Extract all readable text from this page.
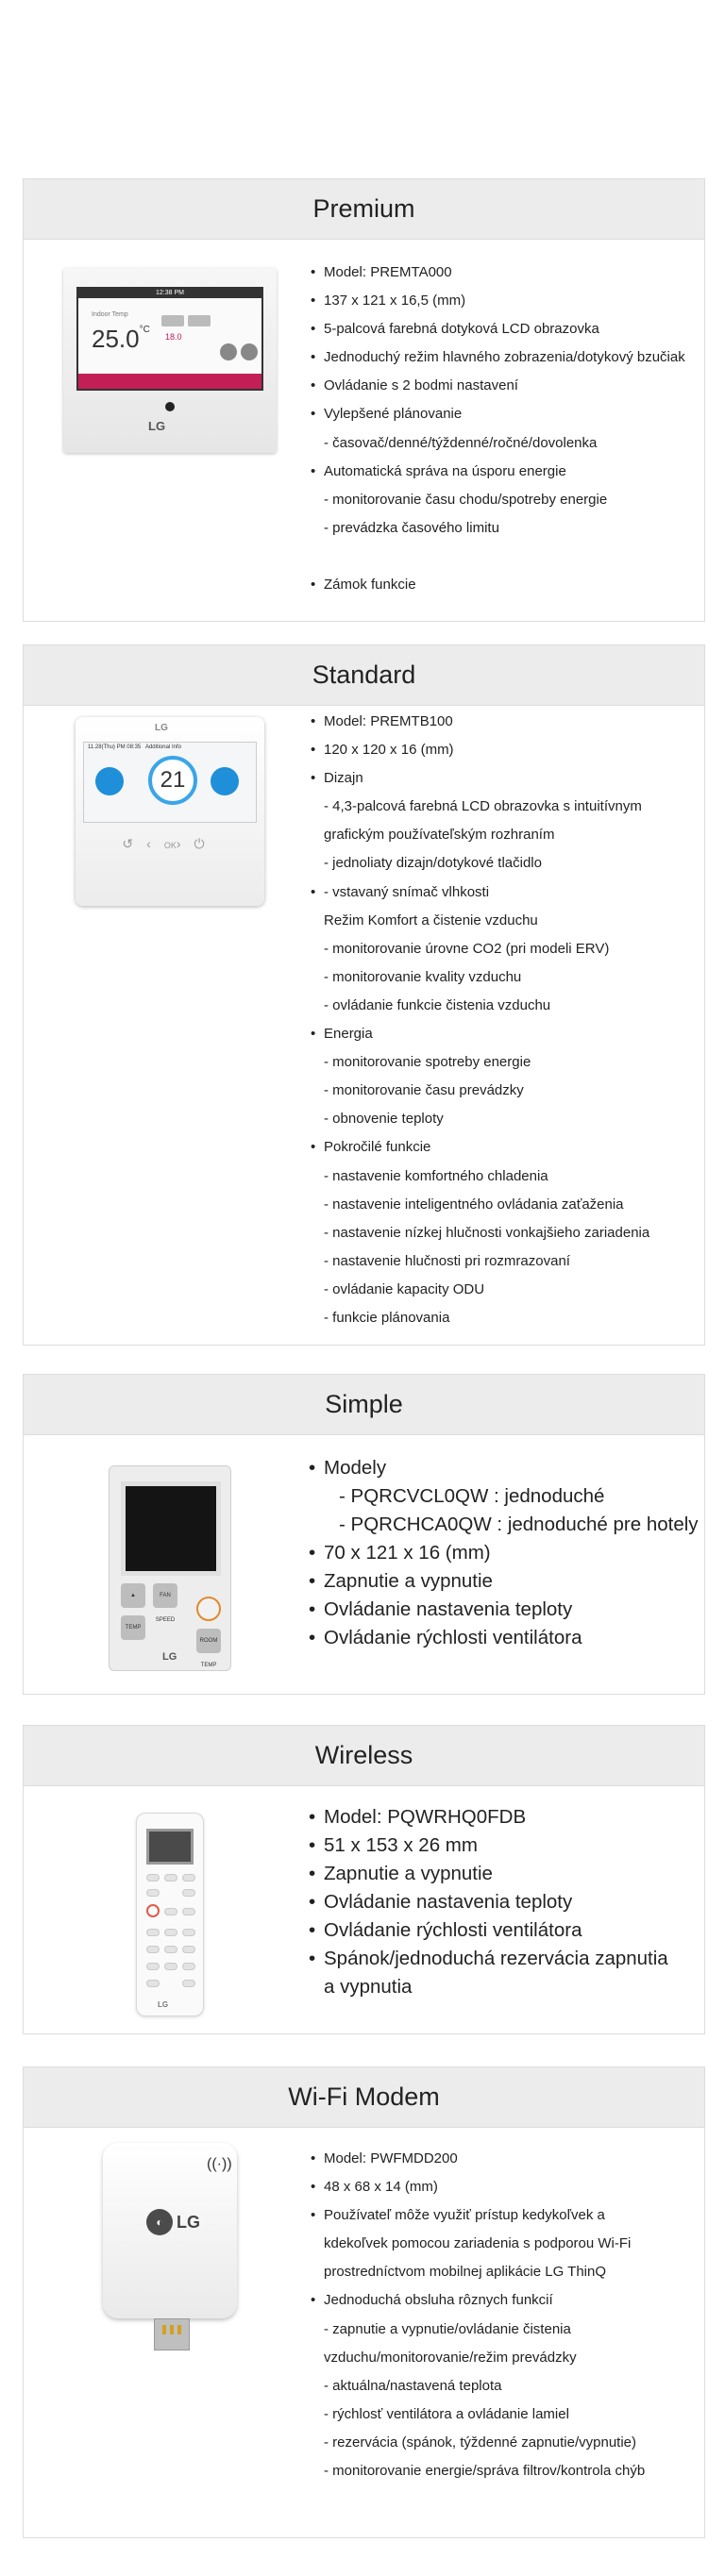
Premium
12:38 PM
Indoor Temp
$25.0^{^\circ C}$
18.0
LG
• Model: PREMTA000
• 137 x 121 x 16,5 (mm)
• 5-palcová farebná dotyková LCD obrazovka
• Jednoduchý režim hlavného zobrazenia/dotykový bzučiak
• Ovládanie s 2 bodmi nastavení
• Vylepšené plánovanie
- časovač/denné/týždenné/ročné/dovolenka
• Automatická správa na úsporu energie
- monitorovanie času chodu/spotreby energie
- prevádzka časového limitu
• Zámok funkcie
Standard
LG
11.28(Thu) PM 08:35 Additional Info
21
↺‹OK›⏻
• Model: PREMTB100
• 120 x 120 x 16 (mm)
• Dizajn
- 4,3-palcová farebná LCD obrazovka s intuitívnym
grafickým používateľským rozhraním
- jednoliaty dizajn/dotykové tlačidlo
• - vstavaný snímač vlhkosti
Režim Komfort a čistenie vzduchu
- monitorovanie úrovne CO2 (pri modeli ERV)
- monitorovanie kvality vzduchu
- ovládanie funkcie čistenia vzduchu
• Energia
- monitorovanie spotreby energie
- monitorovanie času prevádzky
- obnovenie teploty
• Pokročilé funkcie
- nastavenie komfortného chladenia
- nastavenie inteligentného ovládania zaťaženia
- nastavenie nízkej hlučnosti vonkajšieho zariadenia
- nastavenie hlučnosti pri rozmrazovaní
- ovládanie kapacity ODU
- funkcie plánovania
Simple
▲	FAN SPEED
TEMP
ROOM TEMP
LG
• Modely
- PQRCVCL0QW : jednoduché
- PQRCHCA0QW : jednoduché pre hotely
• 70 x 121 x 16 (mm)
• Zapnutie a vypnutie
• Ovládanie nastavenia teploty
• Ovládanie rýchlosti ventilátora
Wireless
LG
• Model: PQWRHQ0FDB
• 51 x 153 x 26 mm
• Zapnutie a vypnutie
• Ovládanie nastavenia teploty
• Ovládanie rýchlosti ventilátora
• Spánok/jednoduchá rezervácia zapnutia
a vypnutia
Wi-Fi Modem
((·))
◐ LG
• Model: PWFMDD200
• 48 x 68 x 14 (mm)
• Používateľ môže využiť prístup kedykoľvek a
kdekoľvek pomocou zariadenia s podporou Wi-Fi
prostredníctvom mobilnej aplikácie LG ThinQ
• Jednoduchá obsluha rôznych funkcií
- zapnutie a vypnutie/ovládanie čistenia
vzduchu/monitorovanie/režim prevádzky
- aktuálna/nastavená teplota
- rýchlosť ventilátora a ovládanie lamiel
- rezervácia (spánok, týždenné zapnutie/vypnutie)
- monitorovanie energie/správa filtrov/kontrola chýb
